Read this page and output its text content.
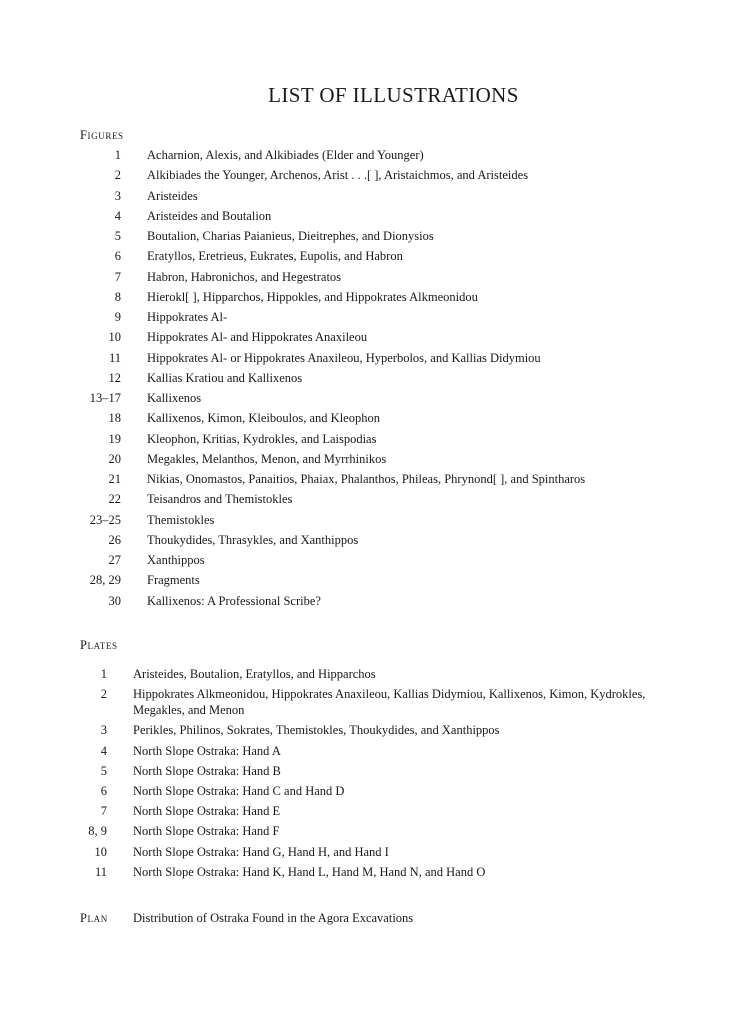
LIST OF ILLUSTRATIONS
Figures
1 Acharnion, Alexis, and Alkibiades (Elder and Younger)
2 Alkibiades the Younger, Archenos, Arist . . .[ ], Aristaichmos, and Aristeides
3 Aristeides
4 Aristeides and Boutalion
5 Boutalion, Charias Paianieus, Dieitrephes, and Dionysios
6 Eratyllos, Eretrieus, Eukrates, Eupolis, and Habron
7 Habron, Habronichos, and Hegestratos
8 Hierokl[ ], Hipparchos, Hippokles, and Hippokrates Alkmeonidou
9 Hippokrates Al-
10 Hippokrates Al- and Hippokrates Anaxileou
11 Hippokrates Al- or Hippokrates Anaxileou, Hyperbolos, and Kallias Didymiou
12 Kallias Kratiou and Kallixenos
13–17 Kallixenos
18 Kallixenos, Kimon, Kleiboulos, and Kleophon
19 Kleophon, Kritias, Kydrokles, and Laispodias
20 Megakles, Melanthos, Menon, and Myrrhinikos
21 Nikias, Onomastos, Panaitios, Phaiax, Phalanthos, Phileas, Phrynond[ ], and Spintharos
22 Teisandros and Themistokles
23–25 Themistokles
26 Thoukydides, Thrasykles, and Xanthippos
27 Xanthippos
28, 29 Fragments
30 Kallixenos: A Professional Scribe?
Plates
1 Aristeides, Boutalion, Eratyllos, and Hipparchos
2 Hippokrates Alkmeonidou, Hippokrates Anaxileou, Kallias Didymiou, Kallixenos, Kimon, Kydrokles, Megakles, and Menon
3 Perikles, Philinos, Sokrates, Themistokles, Thoukydides, and Xanthippos
4 North Slope Ostraka: Hand A
5 North Slope Ostraka: Hand B
6 North Slope Ostraka: Hand C and Hand D
7 North Slope Ostraka: Hand E
8, 9 North Slope Ostraka: Hand F
10 North Slope Ostraka: Hand G, Hand H, and Hand I
11 North Slope Ostraka: Hand K, Hand L, Hand M, Hand N, and Hand O
Plan Distribution of Ostraka Found in the Agora Excavations
